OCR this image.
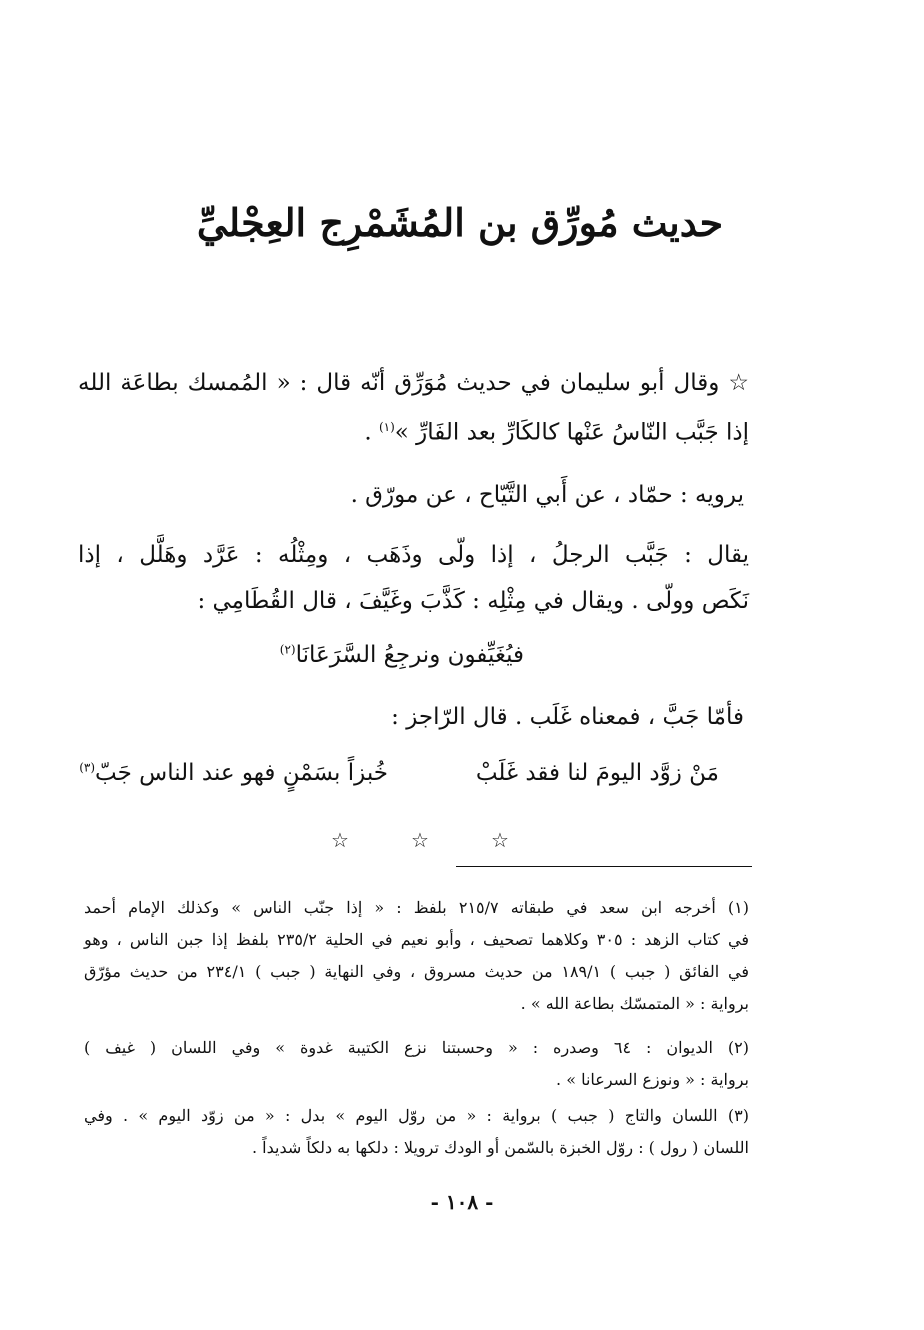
حديث مُورِّق بن المُشَمْرِج العِجْليِّ
☆ وقال أبو سليمان في حديث مُوَرِّق أنّه قال : « المُمسك بطاعَة الله
إذا جَبَّب النّاسُ عَنْها كالكَارِّ بعد الفَارِّ »$^{(١)}$ .
يرويه : حمّاد ، عن أَبي التَّيّاح ، عن مورّق .
يقال : جَبَّب الرجلُ ، إذا ولّى وذَهَب ، ومِثْلُه : عَرَّد وهَلَّل ، إذا
نَكَص وولّى . ويقال في مِثْلِه : كَذَّبَ وغَيَّفَ ، قال القُطَامِي :
فيُغَيِّفون ونرجِعُ السَّرَعَانَا$^{(٢)}$
فأمّا جَبَّ ، فمعناه غَلَب . قال الرّاجز :
مَنْ زوَّد اليومَ لنا فقد غَلَبْ
خُبزاً بسَمْنٍ فهو عند الناس جَبّ$^{(٣)}$
☆	☆	☆
(١) أخرجه ابن سعد في طبقاته ٢١٥/٧ بلفظ : « إذا جنّب الناس » وكذلك الإمام أحمد
في كتاب الزهد : ٣٠٥ وكلاهما تصحيف ، وأبو نعيم في الحلية ٢٣٥/٢ بلفظ إذا جبن الناس ، وهو
في الفائق ( جبب ) ١٨٩/١ من حديث مسروق ، وفي النهاية ( جبب ) ٢٣٤/١ من حديث مؤرّق
برواية : « المتمسّك بطاعة الله » .
(٢) الديوان : ٦٤ وصدره : « وحسبتنا نزع الكتيبة غدوة » وفي اللسان ( غيف )
برواية : « ونوزع السرعانا » .
(٣) اللسان والتاج ( جبب ) برواية : « من روّل اليوم » بدل : « من زوّد اليوم » . وفي
اللسان ( رول ) : روّل الخبزة بالسّمن أو الودك ترويلا : دلكها به دلكاً شديداً .
- ١٠٨ -
